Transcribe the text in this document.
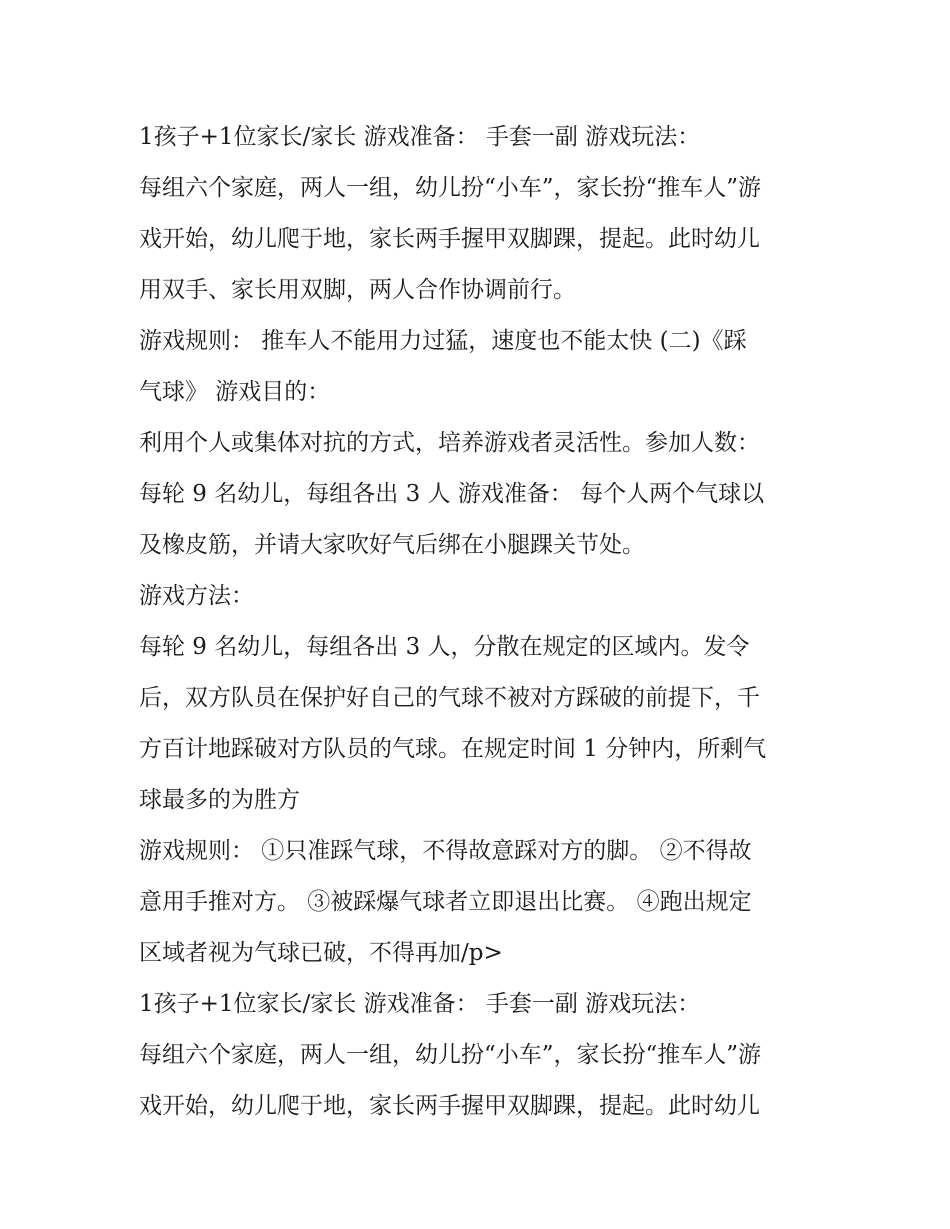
1孩子+1位家长/家长 游戏准备： 手套一副 游戏玩法：
每组六个家庭，两人一组，幼儿扮“小车”，家长扮“推车人”游
戏开始，幼儿爬于地，家长两手握甲双脚踝，提起。此时幼儿
用双手、家长用双脚，两人合作协调前行。
游戏规则： 推车人不能用力过猛，速度也不能太快 (二)《踩
气球》 游戏目的：
利用个人或集体对抗的方式，培养游戏者灵活性。参加人数：
每轮 9 名幼儿，每组各出 3 人 游戏准备： 每个人两个气球以
及橡皮筋，并请大家吹好气后绑在小腿踝关节处。
游戏方法：
每轮 9 名幼儿，每组各出 3 人，分散在规定的区域内。发令
后，双方队员在保护好自己的气球不被对方踩破的前提下，千
方百计地踩破对方队员的气球。在规定时间 1 分钟内，所剩气
球最多的为胜方
游戏规则： ①只准踩气球，不得故意踩对方的脚。 ②不得故
意用手推对方。 ③被踩爆气球者立即退出比赛。 ④跑出规定
区域者视为气球已破，不得再加/p>
1孩子+1位家长/家长 游戏准备： 手套一副 游戏玩法：
每组六个家庭，两人一组，幼儿扮“小车”，家长扮“推车人”游
戏开始，幼儿爬于地，家长两手握甲双脚踝，提起。此时幼儿
